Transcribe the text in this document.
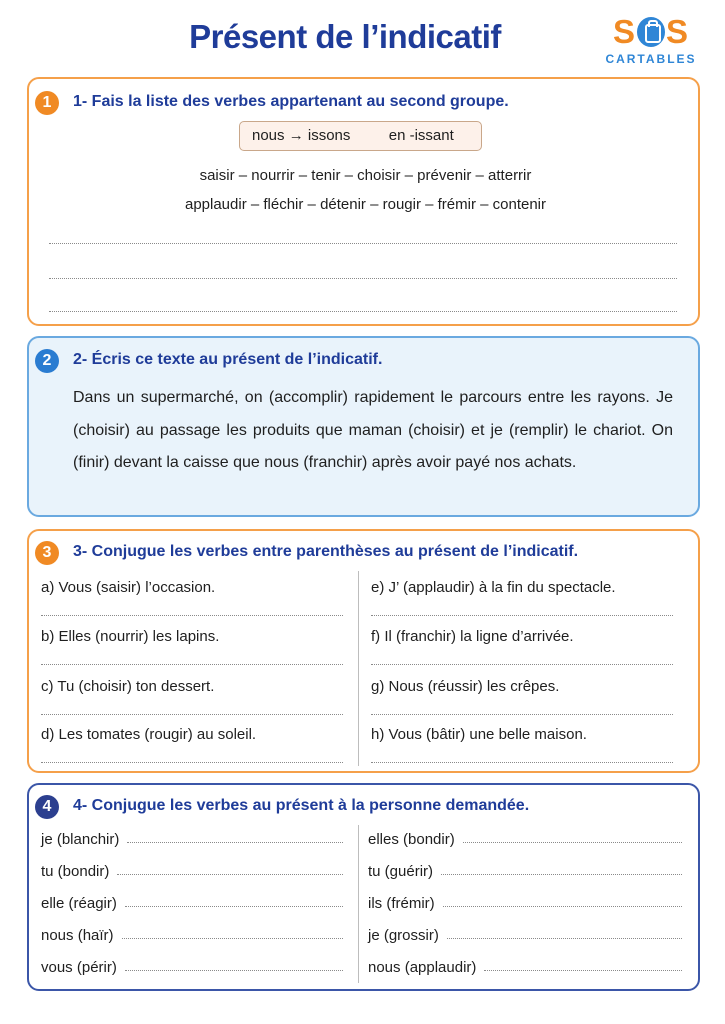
Présent de l’indicatif	S S
CARTABLES
1	1- Fais la liste des verbes appartenant au second groupe.
nous → issons	en -issant
saisir – nourrir – tenir – choisir – prévenir – atterrir
applaudir – fléchir – détenir – rougir – frémir – contenir
2	2- Écris ce texte au présent de l’indicatif.
Dans un supermarché, on (accomplir) rapidement le parcours entre les rayons. Je (choisir) au passage les produits que maman (choisir) et je (remplir) le chariot. On (finir) devant la caisse que nous (franchir) après avoir payé nos achats.
3	3- Conjugue les verbes entre parenthèses au présent de l’indicatif.
a) Vous (saisir) l’occasion.
b) Elles (nourrir) les lapins.
c) Tu (choisir) ton dessert.
d) Les tomates (rougir) au soleil.
e) J’ (applaudir) à la fin du spectacle.
f) Il (franchir) la ligne d’arrivée.
g) Nous (réussir) les crêpes.
h) Vous (bâtir) une belle maison.
4	4- Conjugue les verbes au présent à la personne demandée.
je (blanchir)
tu (bondir)
elle (réagir)
nous (haïr)
vous (périr)
elles (bondir)
tu (guérir)
ils (frémir)
je (grossir)
nous (applaudir)
